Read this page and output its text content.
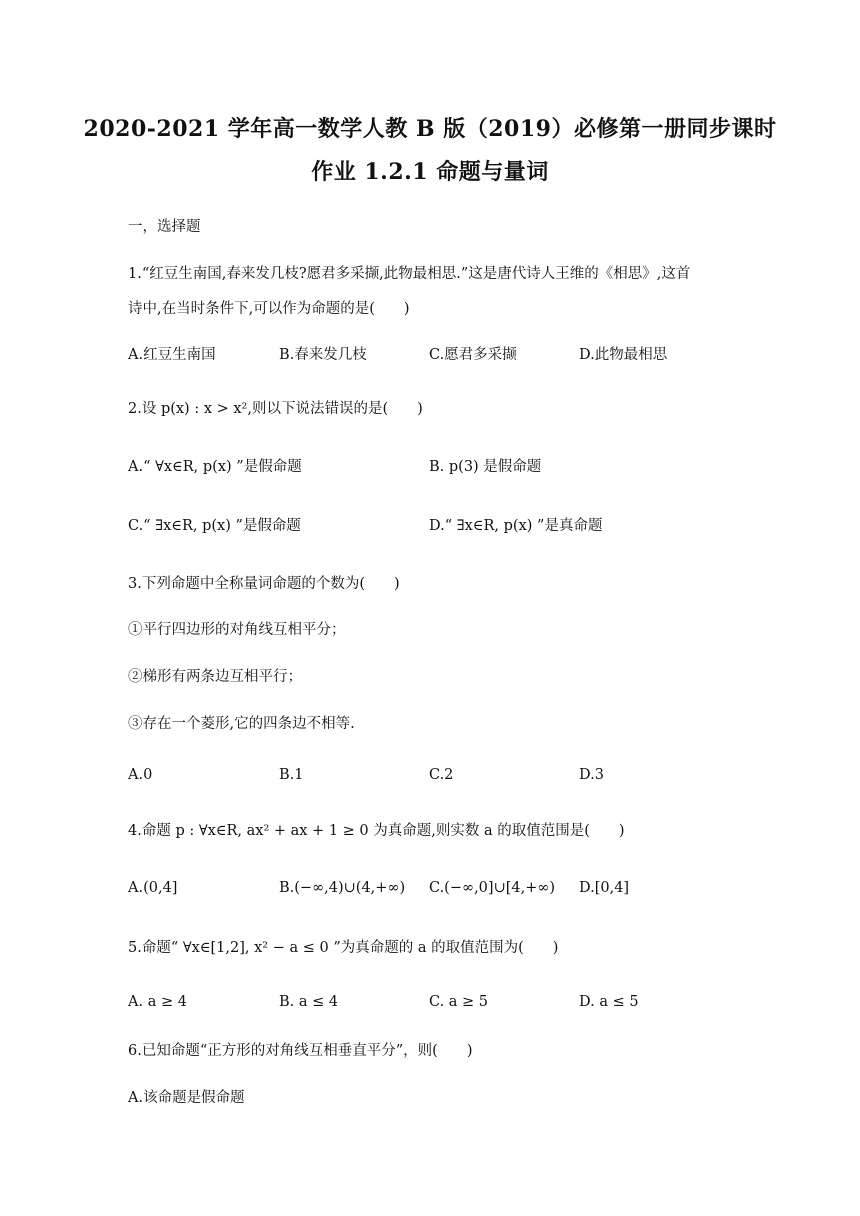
2020-2021 学年高一数学人教 B 版（2019）必修第一册同步课时
作业 1.2.1 命题与量词
一，选择题
1.“红豆生南国,春来发几枝?愿君多采撷,此物最相思.”这是唐代诗人王维的《相思》,这首
诗中,在当时条件下,可以作为命题的是(　　)
A.红豆生南国	B.春来发几枝	C.愿君多采撷	D.此物最相思
2.设 p(x) : x > x²,则以下说法错误的是(　　)
A.“ ∀x∈R, p(x) ”是假命题	B. p(3) 是假命题
C.“ ∃x∈R, p(x) ”是假命题	D.“ ∃x∈R, p(x) ”是真命题
3.下列命题中全称量词命题的个数为(　　)
①平行四边形的对角线互相平分；
②梯形有两条边互相平行；
③存在一个菱形,它的四条边不相等.
A.0	B.1	C.2	D.3
4.命题 p : ∀x∈R, ax² + ax + 1 ≥ 0 为真命题,则实数 a 的取值范围是(　　)
A.(0,4]	B.(−∞,4)∪(4,+∞) C.(−∞,0]∪[4,+∞) D.[0,4]
5.命题“ ∀x∈[1,2], x² − a ≤ 0 ”为真命题的 a 的取值范围为(　　)
A. a ≥ 4	B. a ≤ 4	C. a ≥ 5	D. a ≤ 5
6.已知命题“正方形的对角线互相垂直平分”，则(　　)
A.该命题是假命题
